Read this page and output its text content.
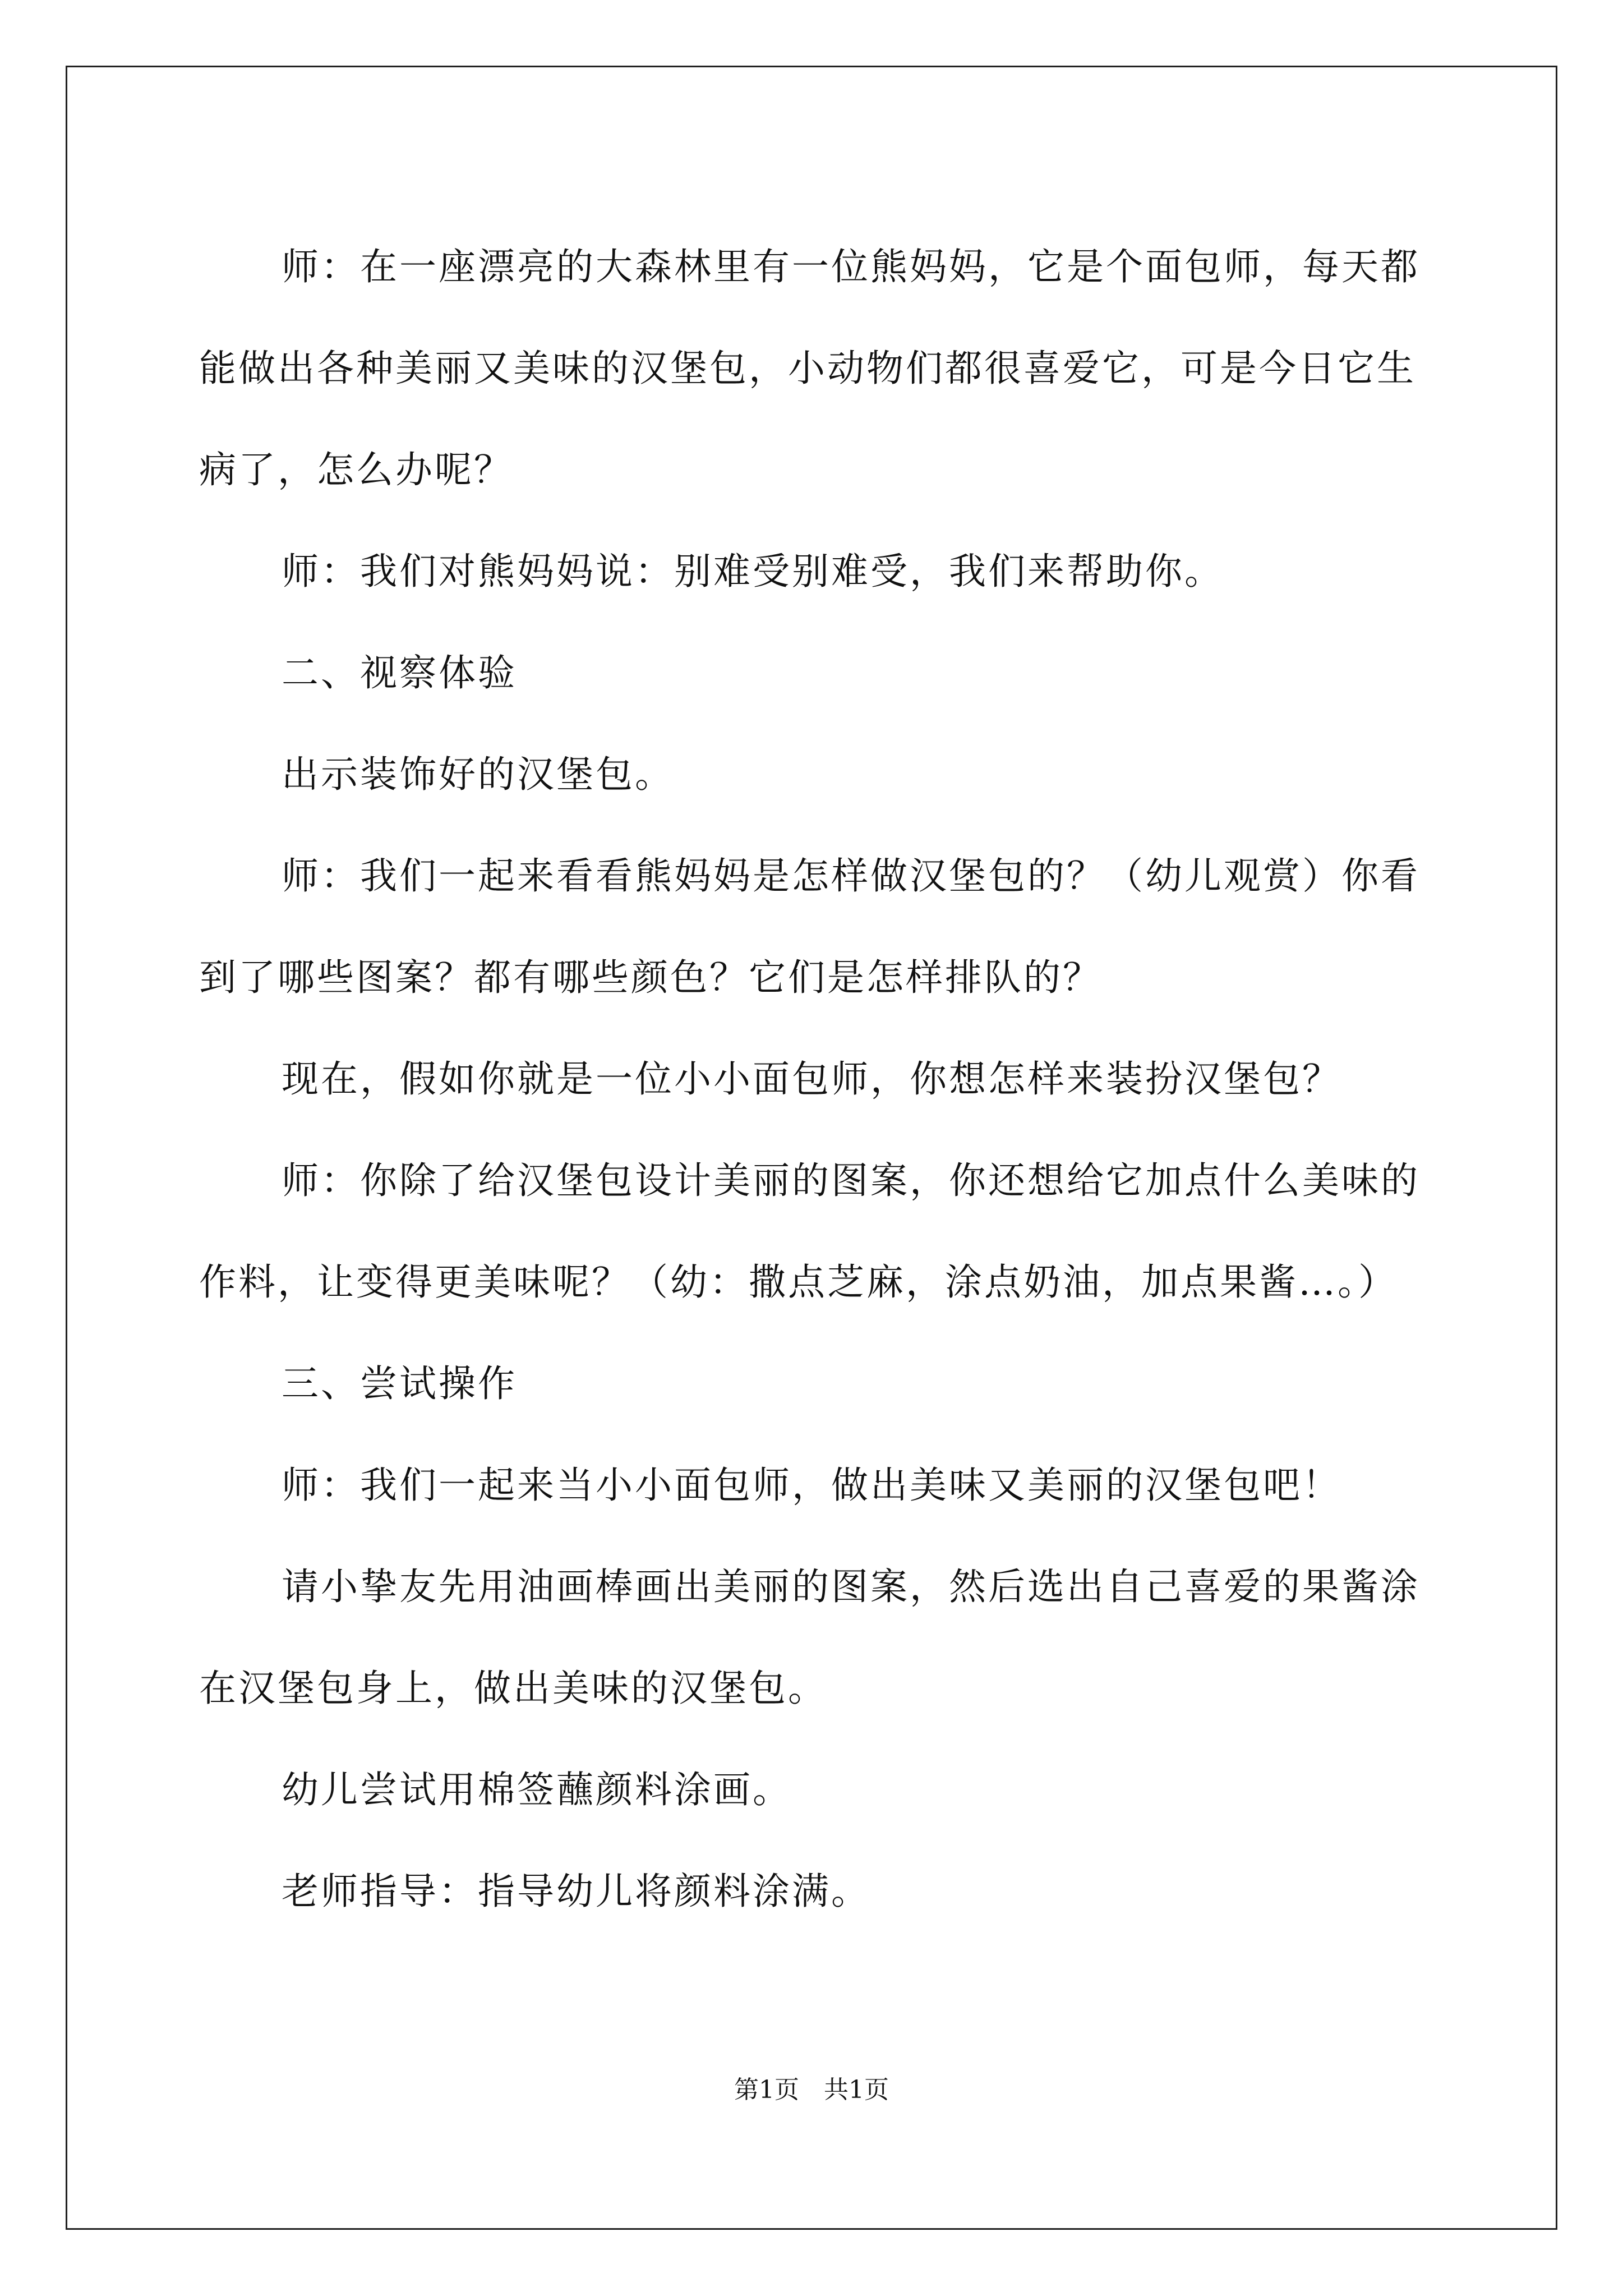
师：在一座漂亮的大森林里有一位熊妈妈，它是个面包师，每天都能做出各种美丽又美味的汉堡包，小动物们都很喜爱它，可是今日它生病了，怎么办呢？

师：我们对熊妈妈说：别难受别难受，我们来帮助你。

二、视察体验

出示装饰好的汉堡包。

师：我们一起来看看熊妈妈是怎样做汉堡包的？（幼儿观赏）你看到了哪些图案？都有哪些颜色？它们是怎样排队的？

现在，假如你就是一位小小面包师，你想怎样来装扮汉堡包？

师：你除了给汉堡包设计美丽的图案，你还想给它加点什么美味的作料，让变得更美味呢？（幼：撒点芝麻，涂点奶油，加点果酱…。）

三、尝试操作

师：我们一起来当小小面包师，做出美味又美丽的汉堡包吧！

请小挚友先用油画棒画出美丽的图案，然后选出自己喜爱的果酱涂在汉堡包身上，做出美味的汉堡包。

幼儿尝试用棉签蘸颜料涂画。

老师指导：指导幼儿将颜料涂满。

第1页　共1页
